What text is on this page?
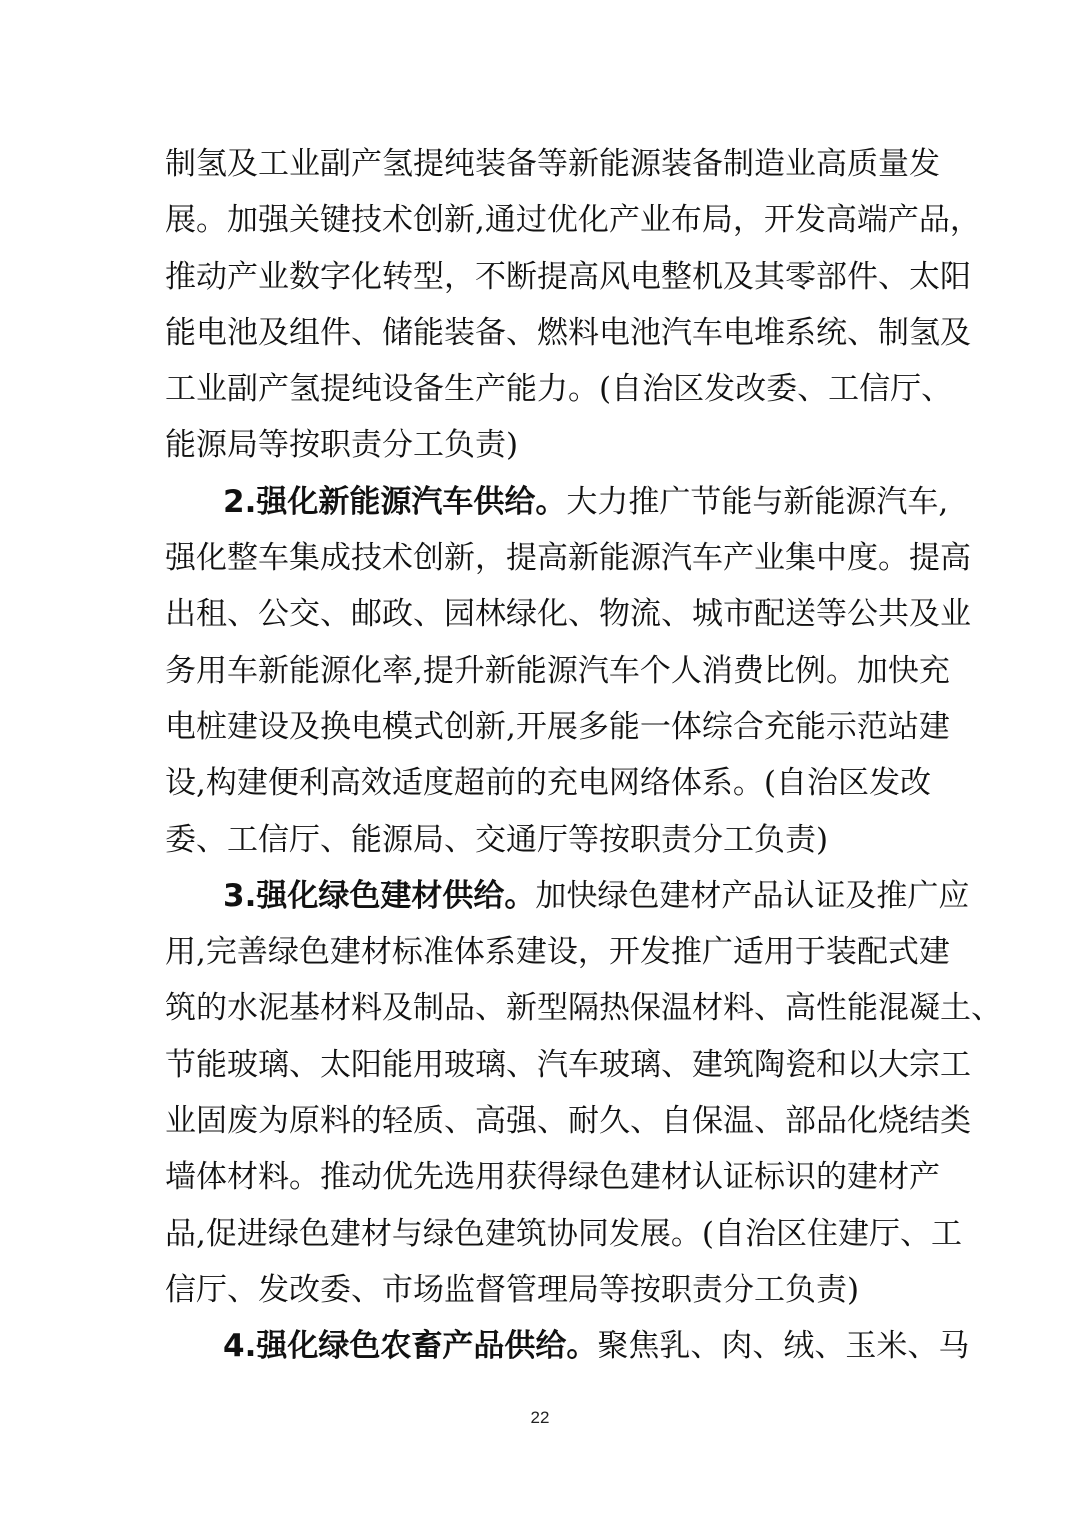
制氢及工业副产氢提纯装备等新能源装备制造业高质量发
展。加强关键技术创新,通过优化产业布局，开发高端产品，
推动产业数字化转型，不断提高风电整机及其零部件、太阳
能电池及组件、储能装备、燃料电池汽车电堆系统、制氢及
工业副产氢提纯设备生产能力。(自治区发改委、工信厅、
能源局等按职责分工负责)
2.强化新能源汽车供给。大力推广节能与新能源汽车,
强化整车集成技术创新，提高新能源汽车产业集中度。提高
出租、公交、邮政、园林绿化、物流、城市配送等公共及业
务用车新能源化率,提升新能源汽车个人消费比例。加快充
电桩建设及换电模式创新,开展多能一体综合充能示范站建
设,构建便利高效适度超前的充电网络体系。(自治区发改
委、工信厅、能源局、交通厅等按职责分工负责)
3.强化绿色建材供给。加快绿色建材产品认证及推广应
用,完善绿色建材标准体系建设，开发推广适用于装配式建
筑的水泥基材料及制品、新型隔热保温材料、高性能混凝土、
节能玻璃、太阳能用玻璃、汽车玻璃、建筑陶瓷和以大宗工
业固废为原料的轻质、高强、耐久、自保温、部品化烧结类
墙体材料。推动优先选用获得绿色建材认证标识的建材产
品,促进绿色建材与绿色建筑协同发展。(自治区住建厅、工
信厅、发改委、市场监督管理局等按职责分工负责)
4.强化绿色农畜产品供给。聚焦乳、肉、绒、玉米、马
22
